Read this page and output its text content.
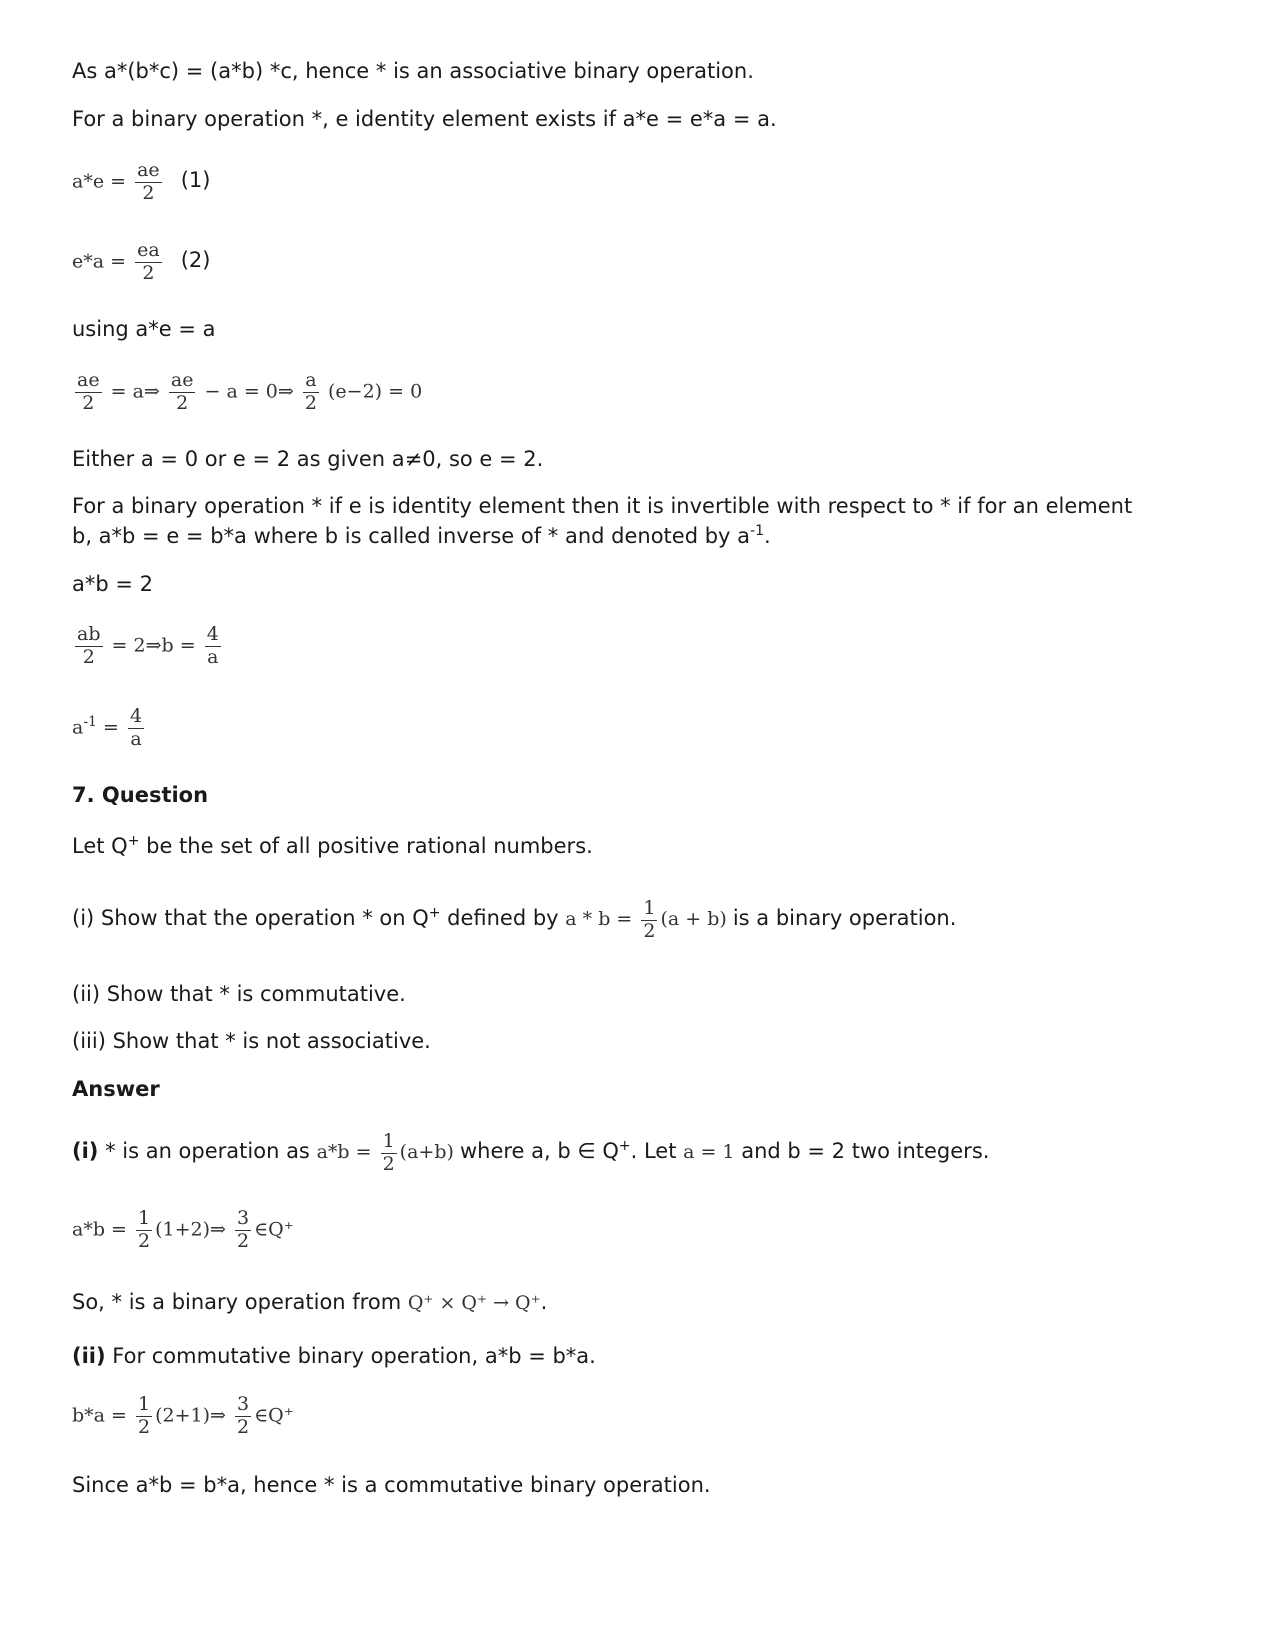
As a*(b*c) = (a*b) *c, hence * is an associative binary operation.
For a binary operation *, e identity element exists if a*e = e*a = a.
$a*e = \frac{ae}{2} (1)$
$e*a = \frac{ea}{2} (2)$
using a*e = a
$\frac{ae}{2}$ = a⇒ $\frac{ae}{2} - a$ = 0⇒ $\frac{a}{2} (e-2) = 0$
Either a = 0 or e = 2 as given a≠0, so e = 2.
For a binary operation * if e is identity element then it is invertible with respect to * if for an element
b, a*b = e = b*a where b is called inverse of * and denoted by $a^{-1}$.
a*b = 2
$\frac{ab}{2}$ = 2⇒b = $\frac{4}{a}$
$a^{-1} = \frac{4}{a}$
7. Question
Let Q+ be the set of all positive rational numbers.
(i) Show that the operation * on Q+ defined by $a * b = \frac{1}{2} (a + b)$ is a binary operation.
(ii) Show that * is commutative.
(iii) Show that * is not associative.
Answer
(i) * is an operation as $a*b = \frac{1}{2} (a+b)$ where a, b ∈ Q+. Let a = 1 and b = 2 two integers.
$a*b = \frac{1}{2}$ (1+2)⇒ $\frac{3}{2}$ ∈Q⁺
So, * is a binary operation from Q⁺ × Q⁺ → Q⁺.
(ii) For commutative binary operation, a*b = b*a.
$b*a = \frac{1}{2}$ (2+1)⇒ $\frac{3}{2}$ ∈Q⁺
Since a*b = b*a, hence * is a commutative binary operation.
